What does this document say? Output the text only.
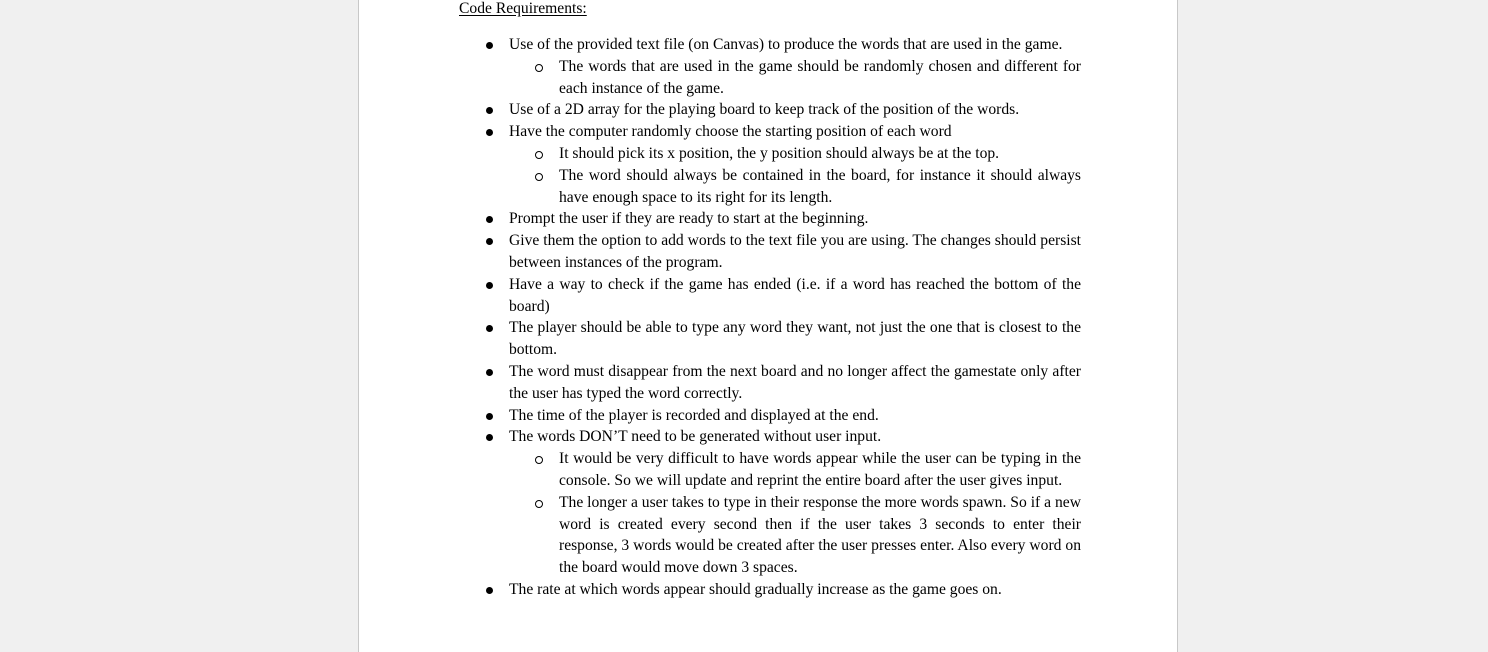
Code Requirements:

Use of the provided text file (on Canvas) to produce the words that are used in the game.
The words that are used in the game should be randomly chosen and different for each instance of the game.
Use of a 2D array for the playing board to keep track of the position of the words.
Have the computer randomly choose the starting position of each word
It should pick its x position, the y position should always be at the top.
The word should always be contained in the board, for instance it should always have enough space to its right for its length.
Prompt the user if they are ready to start at the beginning.
Give them the option to add words to the text file you are using. The changes should persist between instances of the program.
Have a way to check if the game has ended (i.e. if a word has reached the bottom of the board)
The player should be able to type any word they want, not just the one that is closest to the bottom.
The word must disappear from the next board and no longer affect the gamestate only after the user has typed the word correctly.
The time of the player is recorded and displayed at the end.
The words DON’T need to be generated without user input.
It would be very difficult to have words appear while the user can be typing in the console. So we will update and reprint the entire board after the user gives input.
The longer a user takes to type in their response the more words spawn. So if a new word is created every second then if the user takes 3 seconds to enter their response, 3 words would be created after the user presses enter. Also every word on the board would move down 3 spaces.
The rate at which words appear should gradually increase as the game goes on.
